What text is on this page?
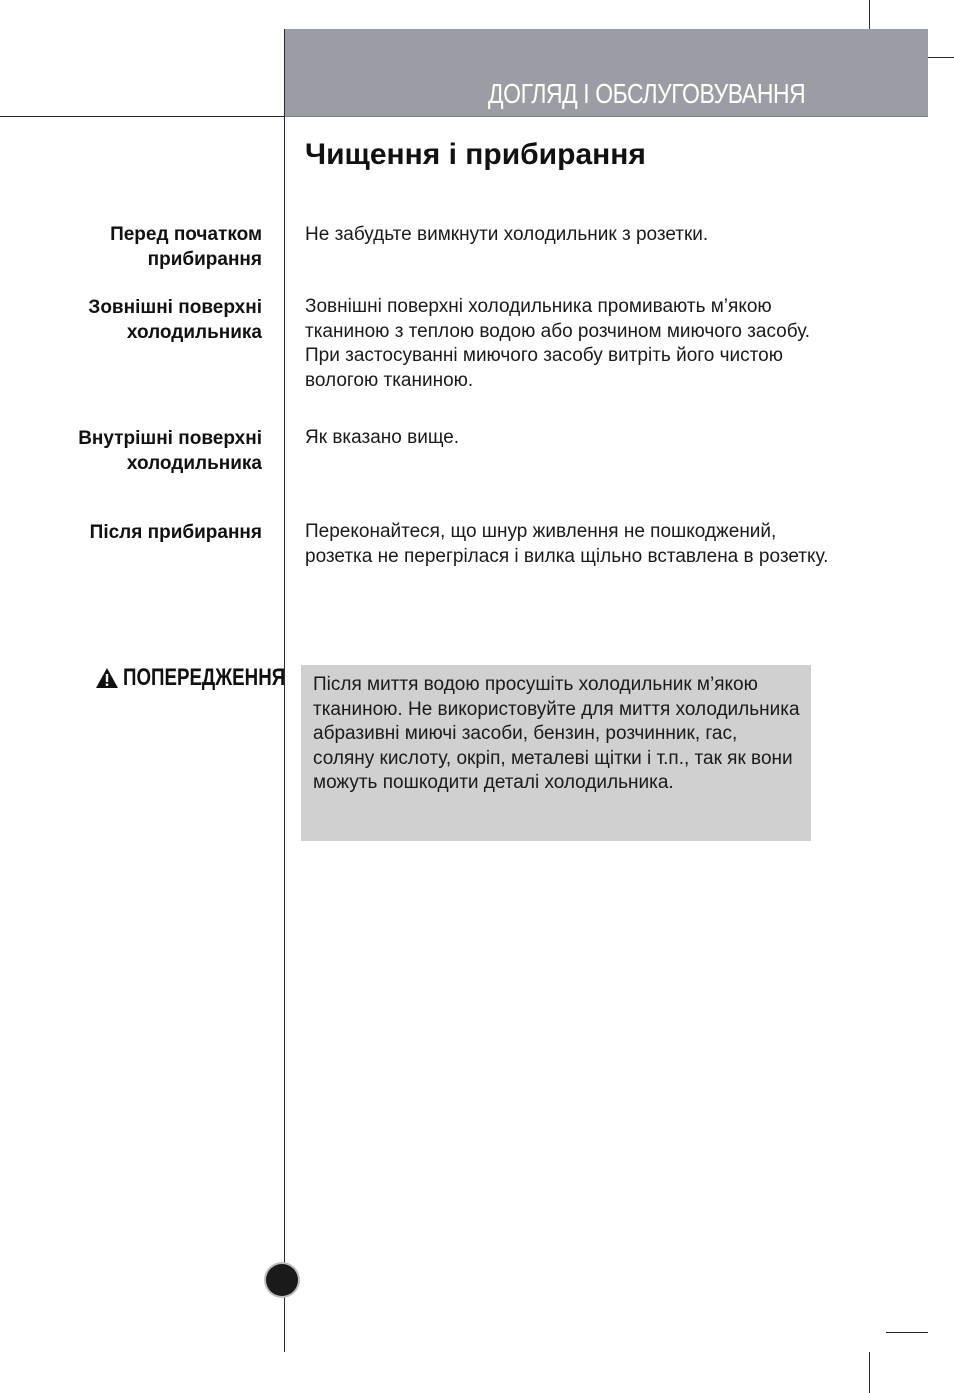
ДОГЛЯД І ОБСЛУГОВУВАННЯ
Чищення і прибирання
Перед початком прибирання
Не забудьте вимкнути холодильник з розетки.
Зовнішні поверхні холодильника
Зовнішні поверхні холодильника промивають м’якою тканиною з теплою водою або розчином миючого засобу. При застосуванні миючого засобу витріть його чистою вологою тканиною.
Внутрішні поверхні холодильника
Як вказано вище.
Після прибирання Переконайтеся, що шнур живлення не пошкоджений, розетка не перегрілася і вилка щільно вставлена в розетку.
ПОПЕРЕДЖЕННЯ Після миття водою просушіть холодильник м’якою тканиною. Не використовуйте для миття холодильника абразивні миючі засоби, бензин, розчинник, гас, соляну кислоту, окріп, металеві щітки і т.п., так як вони можуть пошкодити деталі холодильника.
